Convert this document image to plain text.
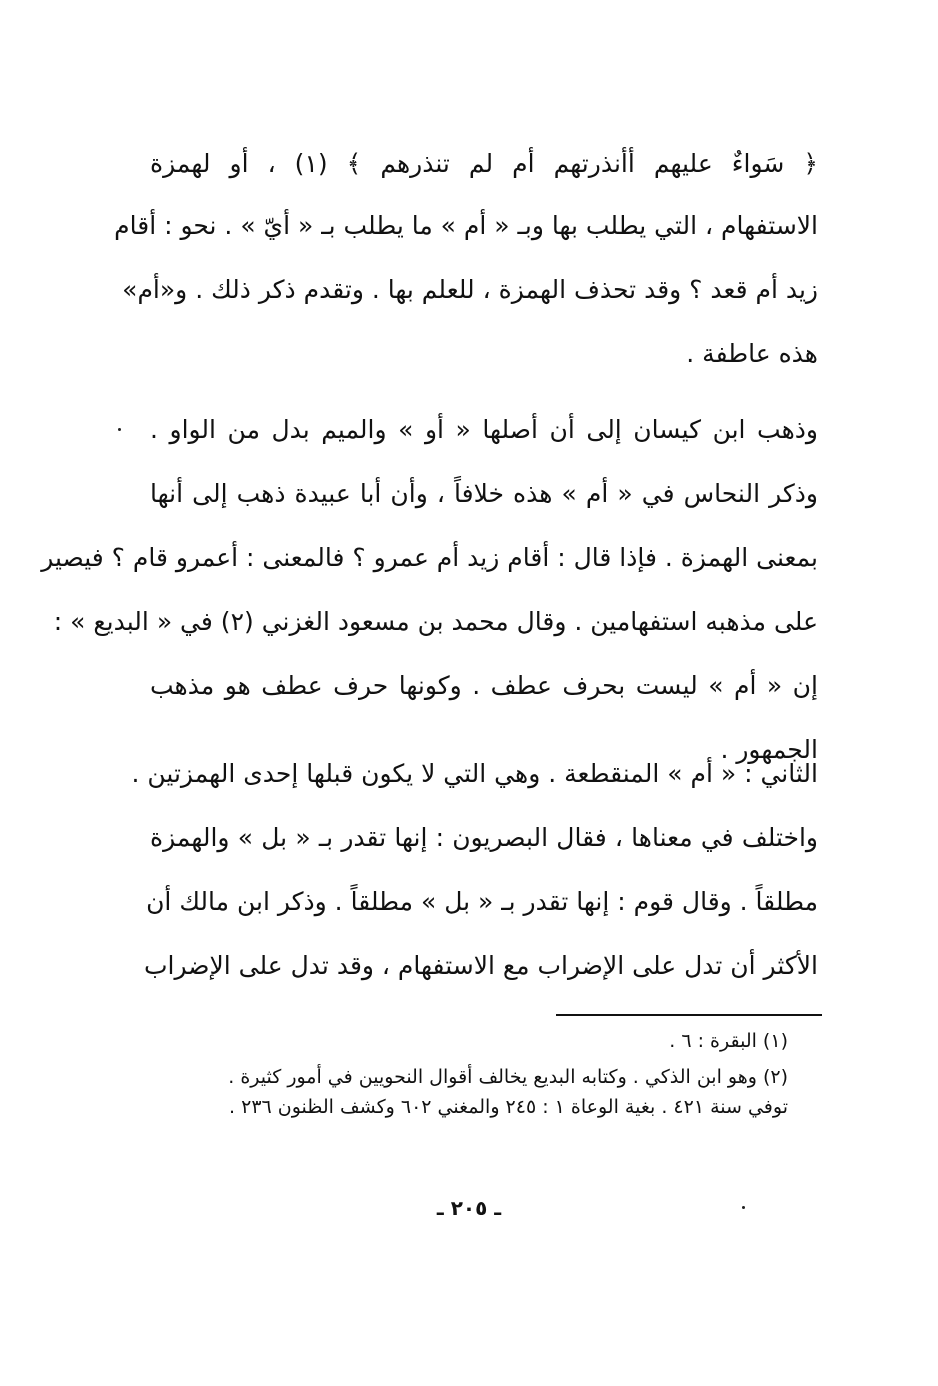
﴿ سَواءٌ عليهم أأنذرتهم أم لم تنذرهم ﴾ (١) ، أو لهمزة
الاستفهام ، التي يطلب بها وبـ « أم » ما يطلب بـ « أيّ » . نحو : أقام
زيد أم قعد ؟ وقد تحذف الهمزة ، للعلم بها . وتقدم ذكر ذلك . و«أم»
هذه عاطفة .
وذهب ابن كيسان إلى أن أصلها « أو » والميم بدل من الواو .
وذكر النحاس في « أم » هذه خلافاً ، وأن أبا عبيدة ذهب إلى أنها
بمعنى الهمزة . فإذا قال : أقام زيد أم عمرو ؟ فالمعنى : أعمرو قام ؟ فيصير
على مذهبه استفهامين . وقال محمد بن مسعود الغزني (٢) في « البديع » :
إن « أم » ليست بحرف عطف . وكونها حرف عطف هو مذهب
الجمهور .
الثاني : « أم » المنقطعة . وهي التي لا يكون قبلها إحدى الهمزتين .
واختلف في معناها ، فقال البصريون : إنها تقدر بـ « بل » والهمزة
مطلقاً . وقال قوم : إنها تقدر بـ « بل » مطلقاً . وذكر ابن مالك أن
الأكثر أن تدل على الإضراب مع الاستفهام ، وقد تدل على الإضراب
(١) البقرة : ٦ .
(٢) وهو ابن الذكي . وكتابه البديع يخالف أقوال النحويين في أمور كثيرة .
توفي سنة ٤٢١ . بغية الوعاة ١ : ٢٤٥ والمغني ٦٠٢ وكشف الظنون ٢٣٦ .
ـ ٢٠٥ ـ
